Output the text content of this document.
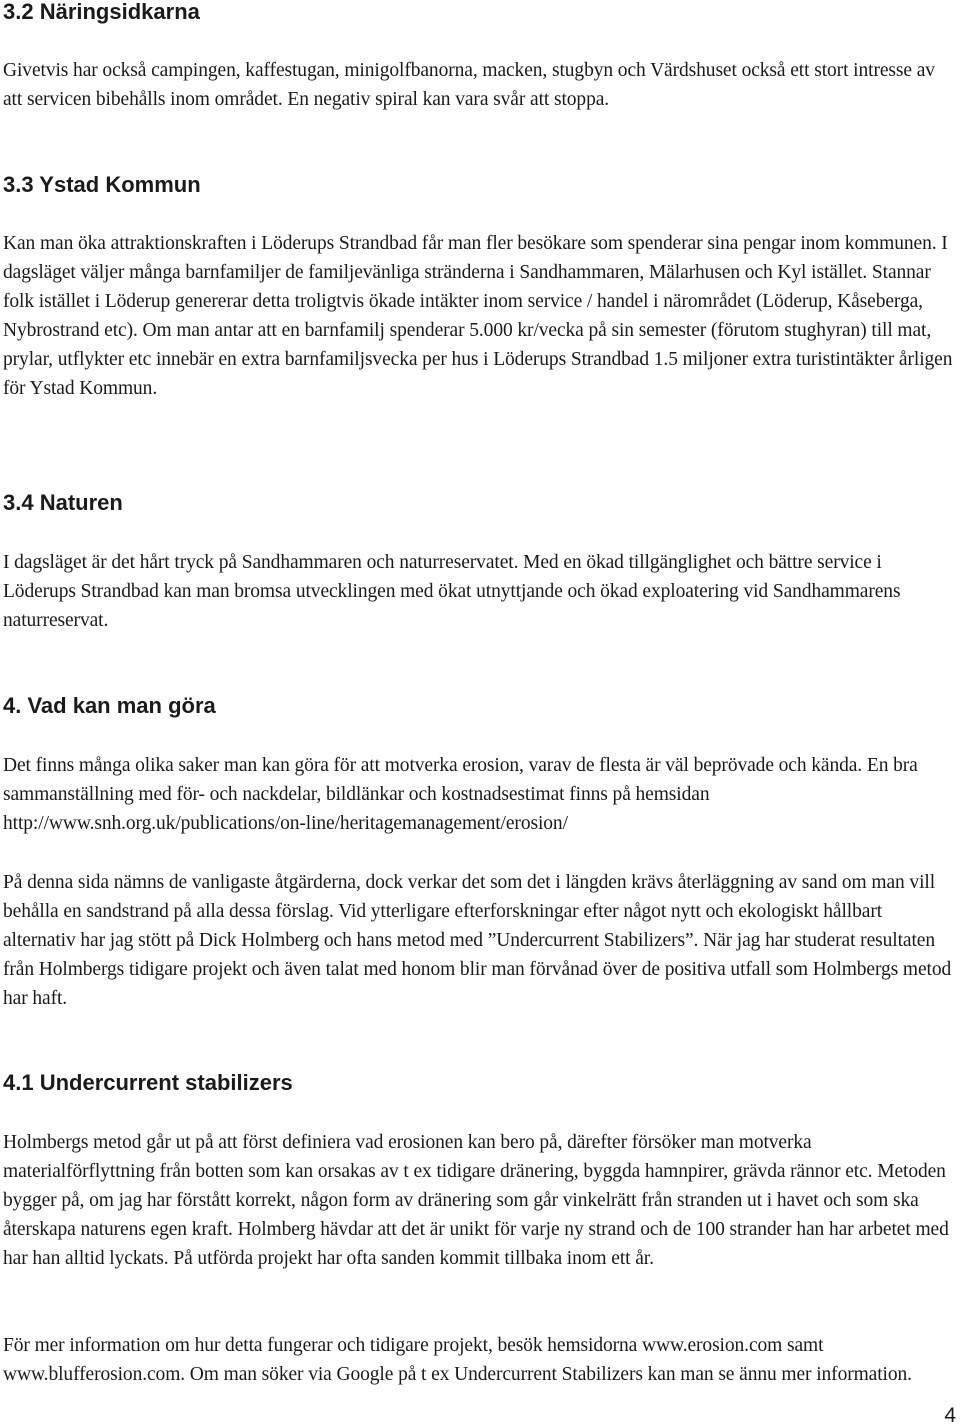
3.2 Näringsidkarna

Givetvis har också campingen, kaffestugan, minigolfbanorna, macken, stugbyn och Värdshuset också ett stort intresse av att servicen bibehålls inom området. En negativ spiral kan vara svår att stoppa.

3.3 Ystad Kommun

Kan man öka attraktionskraften i Löderups Strandbad får man fler besökare som spenderar sina pengar inom kommunen. I dagsläget väljer många barnfamiljer de familjevänliga stränderna i Sandhammaren, Mälarhusen och Kyl istället. Stannar folk istället i Löderup genererar detta troligtvis ökade intäkter inom service / handel i närområdet (Löderup, Kåseberga, Nybrostrand etc). Om man antar att en barnfamilj spenderar 5.000 kr/vecka på sin semester (förutom stughyran) till mat, prylar, utflykter etc innebär en extra barnfamiljsvecka per hus i Löderups Strandbad 1.5 miljoner extra turistintäkter årligen för Ystad Kommun.

3.4 Naturen

I dagsläget är det hårt tryck på Sandhammaren och naturreservatet. Med en ökad tillgänglighet och bättre service i Löderups Strandbad kan man bromsa utvecklingen med ökat utnyttjande och ökad exploatering vid Sandhammarens naturreservat.

4. Vad kan man göra

Det finns många olika saker man kan göra för att motverka erosion, varav de flesta är väl beprövade och kända. En bra sammanställning med för- och nackdelar, bildlänkar och kostnadsestimat finns på hemsidan http://www.snh.org.uk/publications/on-line/heritagemanagement/erosion/

På denna sida nämns de vanligaste åtgärderna, dock verkar det som det i längden krävs återläggning av sand om man vill behålla en sandstrand på alla dessa förslag. Vid ytterligare efterforskningar efter något nytt och ekologiskt hållbart alternativ har jag stött på Dick Holmberg och hans metod med ”Undercurrent Stabilizers”. När jag har studerat resultaten från Holmbergs tidigare projekt och även talat med honom blir man förvånad över de positiva utfall som Holmbergs metod har haft.

4.1 Undercurrent stabilizers

Holmbergs metod går ut på att först definiera vad erosionen kan bero på, därefter försöker man motverka materialförflyttning från botten som kan orsakas av t ex tidigare dränering, byggda hamnpirer, grävda rännor etc. Metoden bygger på, om jag har förstått korrekt, någon form av dränering som går vinkelrätt från stranden ut i havet och som ska återskapa naturens egen kraft. Holmberg hävdar att det är unikt för varje ny strand och de 100 strander han har arbetet med har han alltid lyckats. På utförda projekt har ofta sanden kommit tillbaka inom ett år.

För mer information om hur detta fungerar och tidigare projekt, besök hemsidorna www.erosion.com samt www.blufferosion.com. Om man söker via Google på t ex Undercurrent Stabilizers kan man se ännu mer information.

4
